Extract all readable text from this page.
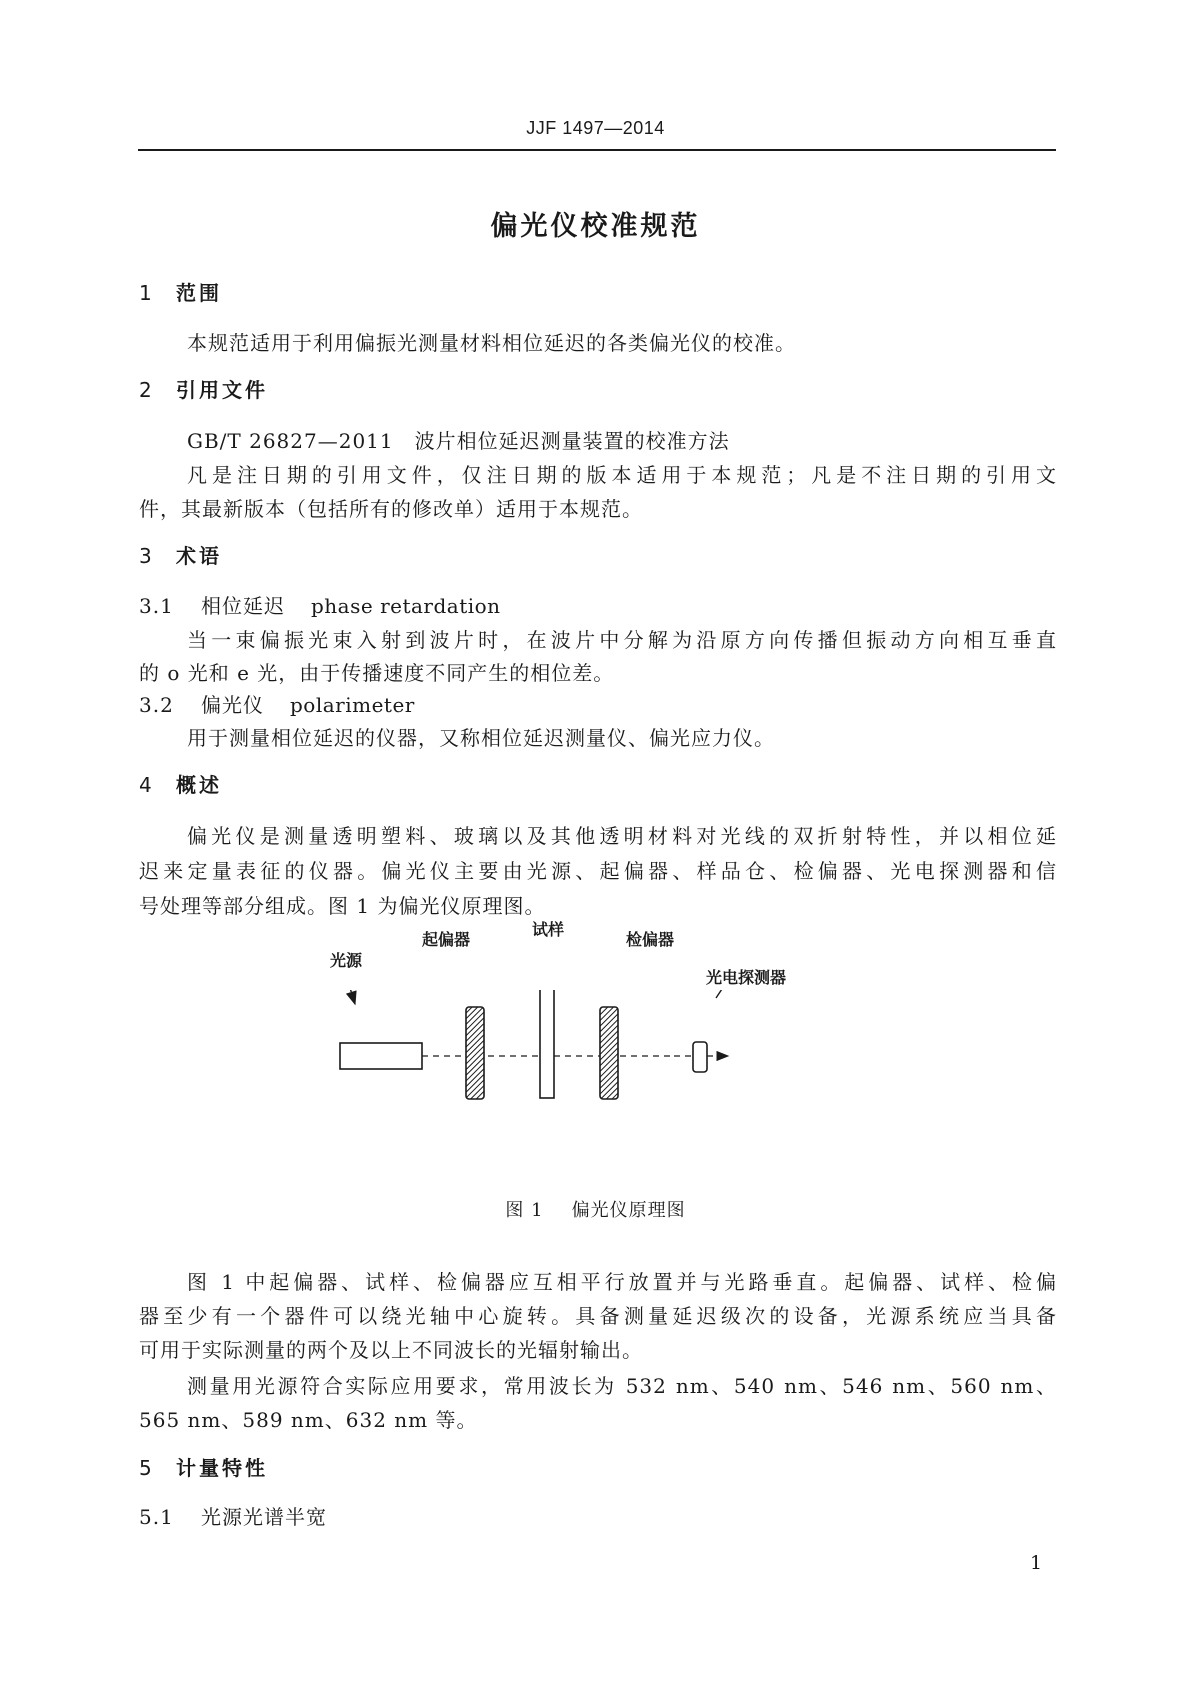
JJF 1497—2014
偏光仪校准规范
1 范围
本规范适用于利用偏振光测量材料相位延迟的各类偏光仪的校准。
2 引用文件
GB/T 26827—2011　波片相位延迟测量装置的校准方法
凡是注日期的引用文件，仅注日期的版本适用于本规范；凡是不注日期的引用文
件，其最新版本（包括所有的修改单）适用于本规范。
3 术语
3.1 相位延迟 phase retardation
当一束偏振光束入射到波片时，在波片中分解为沿原方向传播但振动方向相互垂直
的 o 光和 e 光，由于传播速度不同产生的相位差。
3.2 偏光仪 polarimeter
用于测量相位延迟的仪器，又称相位延迟测量仪、偏光应力仪。
4 概述
偏光仪是测量透明塑料、玻璃以及其他透明材料对光线的双折射特性，并以相位延
迟来定量表征的仪器。偏光仪主要由光源、起偏器、样品仓、检偏器、光电探测器和信
号处理等部分组成。图 1 为偏光仪原理图。
光源
起偏器
试样
检偏器
光电探测器
图 1 偏光仪原理图
图 1 中起偏器、试样、检偏器应互相平行放置并与光路垂直。起偏器、试样、检偏
器至少有一个器件可以绕光轴中心旋转。具备测量延迟级次的设备，光源系统应当具备
可用于实际测量的两个及以上不同波长的光辐射输出。
测量用光源符合实际应用要求，常用波长为 532 nm、540 nm、546 nm、560 nm、
565 nm、589 nm、632 nm 等。
5 计量特性
5.1 光源光谱半宽
1
